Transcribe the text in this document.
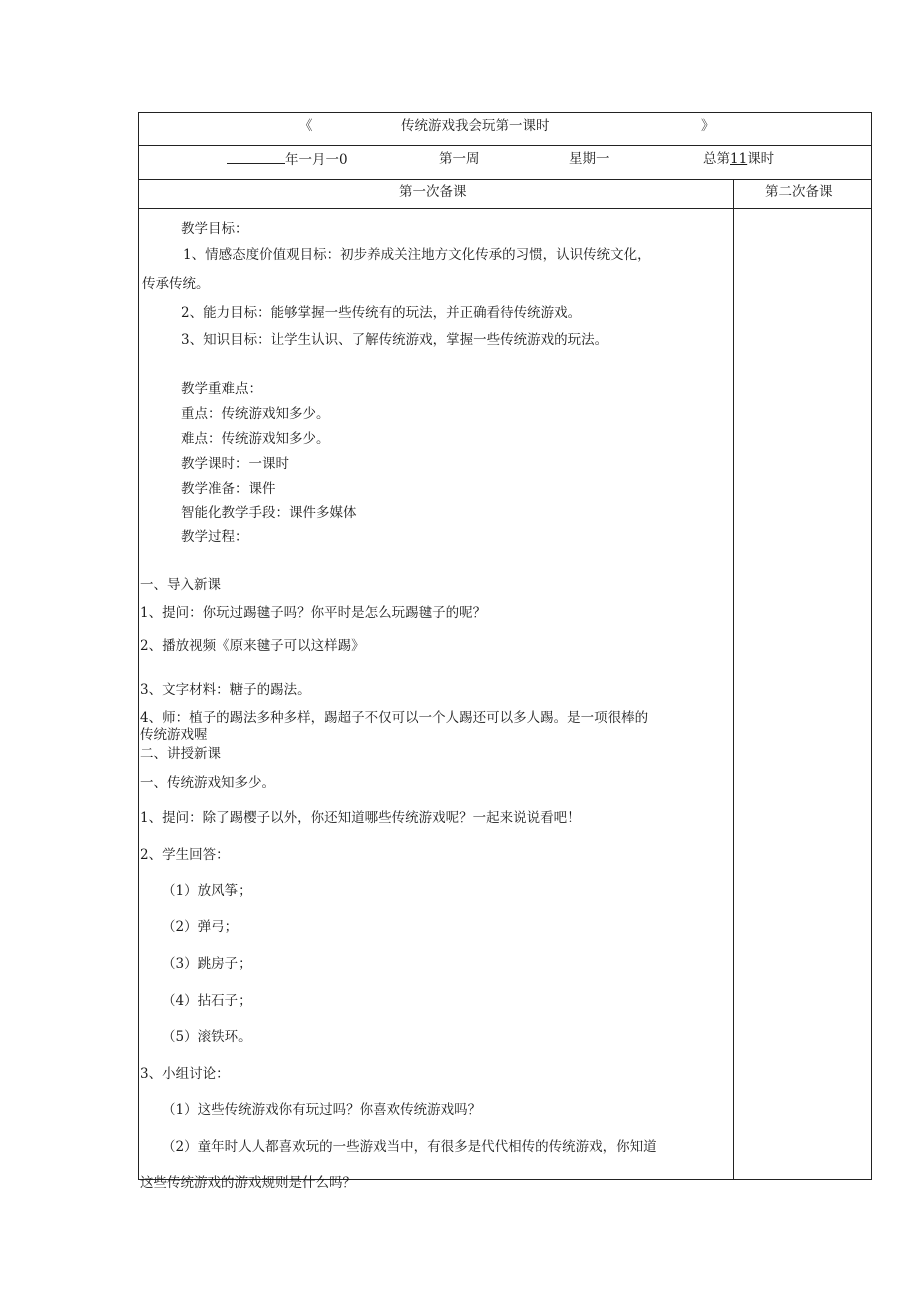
《	传统游戏我会玩第一课时	》
年一月一0	第一周	星期一	总第11课时
第一次备课	第二次备课
教学目标：
1、情感态度价值观目标：初步养成关注地方文化传承的习惯，认识传统文化，
传承传统。
2、能力目标：能够掌握一些传统有的玩法，并正确看待传统游戏。
3、知识目标：让学生认识、了解传统游戏，掌握一些传统游戏的玩法。
教学重难点：
重点：传统游戏知多少。
难点：传统游戏知多少。
教学课时：一课时
教学准备：课件
智能化教学手段：课件多媒体
教学过程：
一、导入新课
1、提问：你玩过踢毽子吗？你平时是怎么玩踢毽子的呢？
2、播放视频《原来毽子可以这样踢》
3、文字材料：糖子的踢法。
4、师：植子的踢法多种多样，踢超子不仅可以一个人踢还可以多人踢。是一项很棒的
传统游戏喔
二、讲授新课
一、传统游戏知多少。
1、提问：除了踢樱子以外，你还知道哪些传统游戏呢？一起来说说看吧！
2、学生回答：
（1）放风筝；
（2）弹弓；
（3）跳房子；
（4）拈石子；
（5）滚铁环。
3、小组讨论：
（1）这些传统游戏你有玩过吗？你喜欢传统游戏吗？
（2）童年时人人都喜欢玩的一些游戏当中，有很多是代代相传的传统游戏，你知道
这些传统游戏的游戏规则是什么吗？
